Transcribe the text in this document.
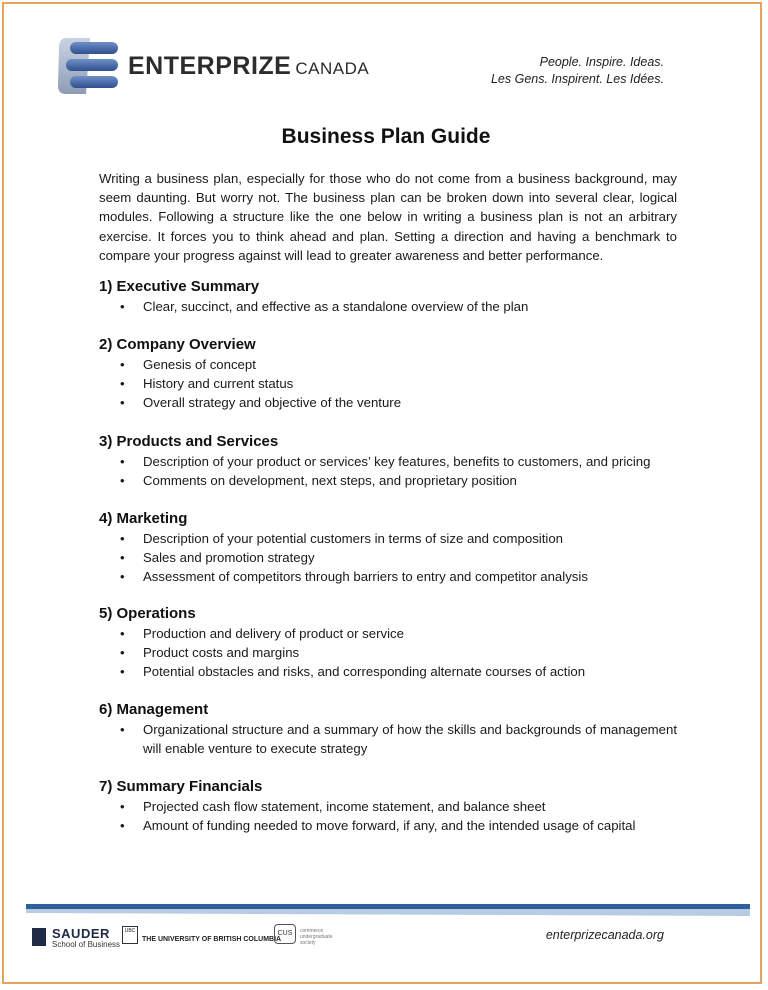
ENTERPRIZE CANADA	People. Inspire. Ideas.
Les Gens. Inspirent. Les Idées.
Business Plan Guide

Writing a business plan, especially for those who do not come from a business background, may seem daunting. But worry not. The business plan can be broken down into several clear, logical modules. Following a structure like the one below in writing a business plan is not an arbitrary exercise. It forces you to think ahead and plan. Setting a direction and having a benchmark to compare your progress against will lead to greater awareness and better performance.

1) Executive Summary
• Clear, succinct, and effective as a standalone overview of the plan
2) Company Overview
• Genesis of concept
• History and current status
• Overall strategy and objective of the venture
3) Products and Services
• Description of your product or services’ key features, benefits to customers, and pricing
• Comments on development, next steps, and proprietary position
4) Marketing
• Description of your potential customers in terms of size and composition
• Sales and promotion strategy
• Assessment of competitors through barriers to entry and competitor analysis
5) Operations
• Production and delivery of product or service
• Product costs and margins
• Potential obstacles and risks, and corresponding alternate courses of action
6) Management
• Organizational structure and a summary of how the skills and backgrounds of management will enable venture to execute strategy
7) Summary Financials
• Projected cash flow statement, income statement, and balance sheet
• Amount of funding needed to move forward, if any, and the intended usage of capital
SAUDER
School of Business
UBC
THE UNIVERSITY OF BRITISH COLUMBIA
CUS	commerce
undergraduate
society
enterprizecanada.org
